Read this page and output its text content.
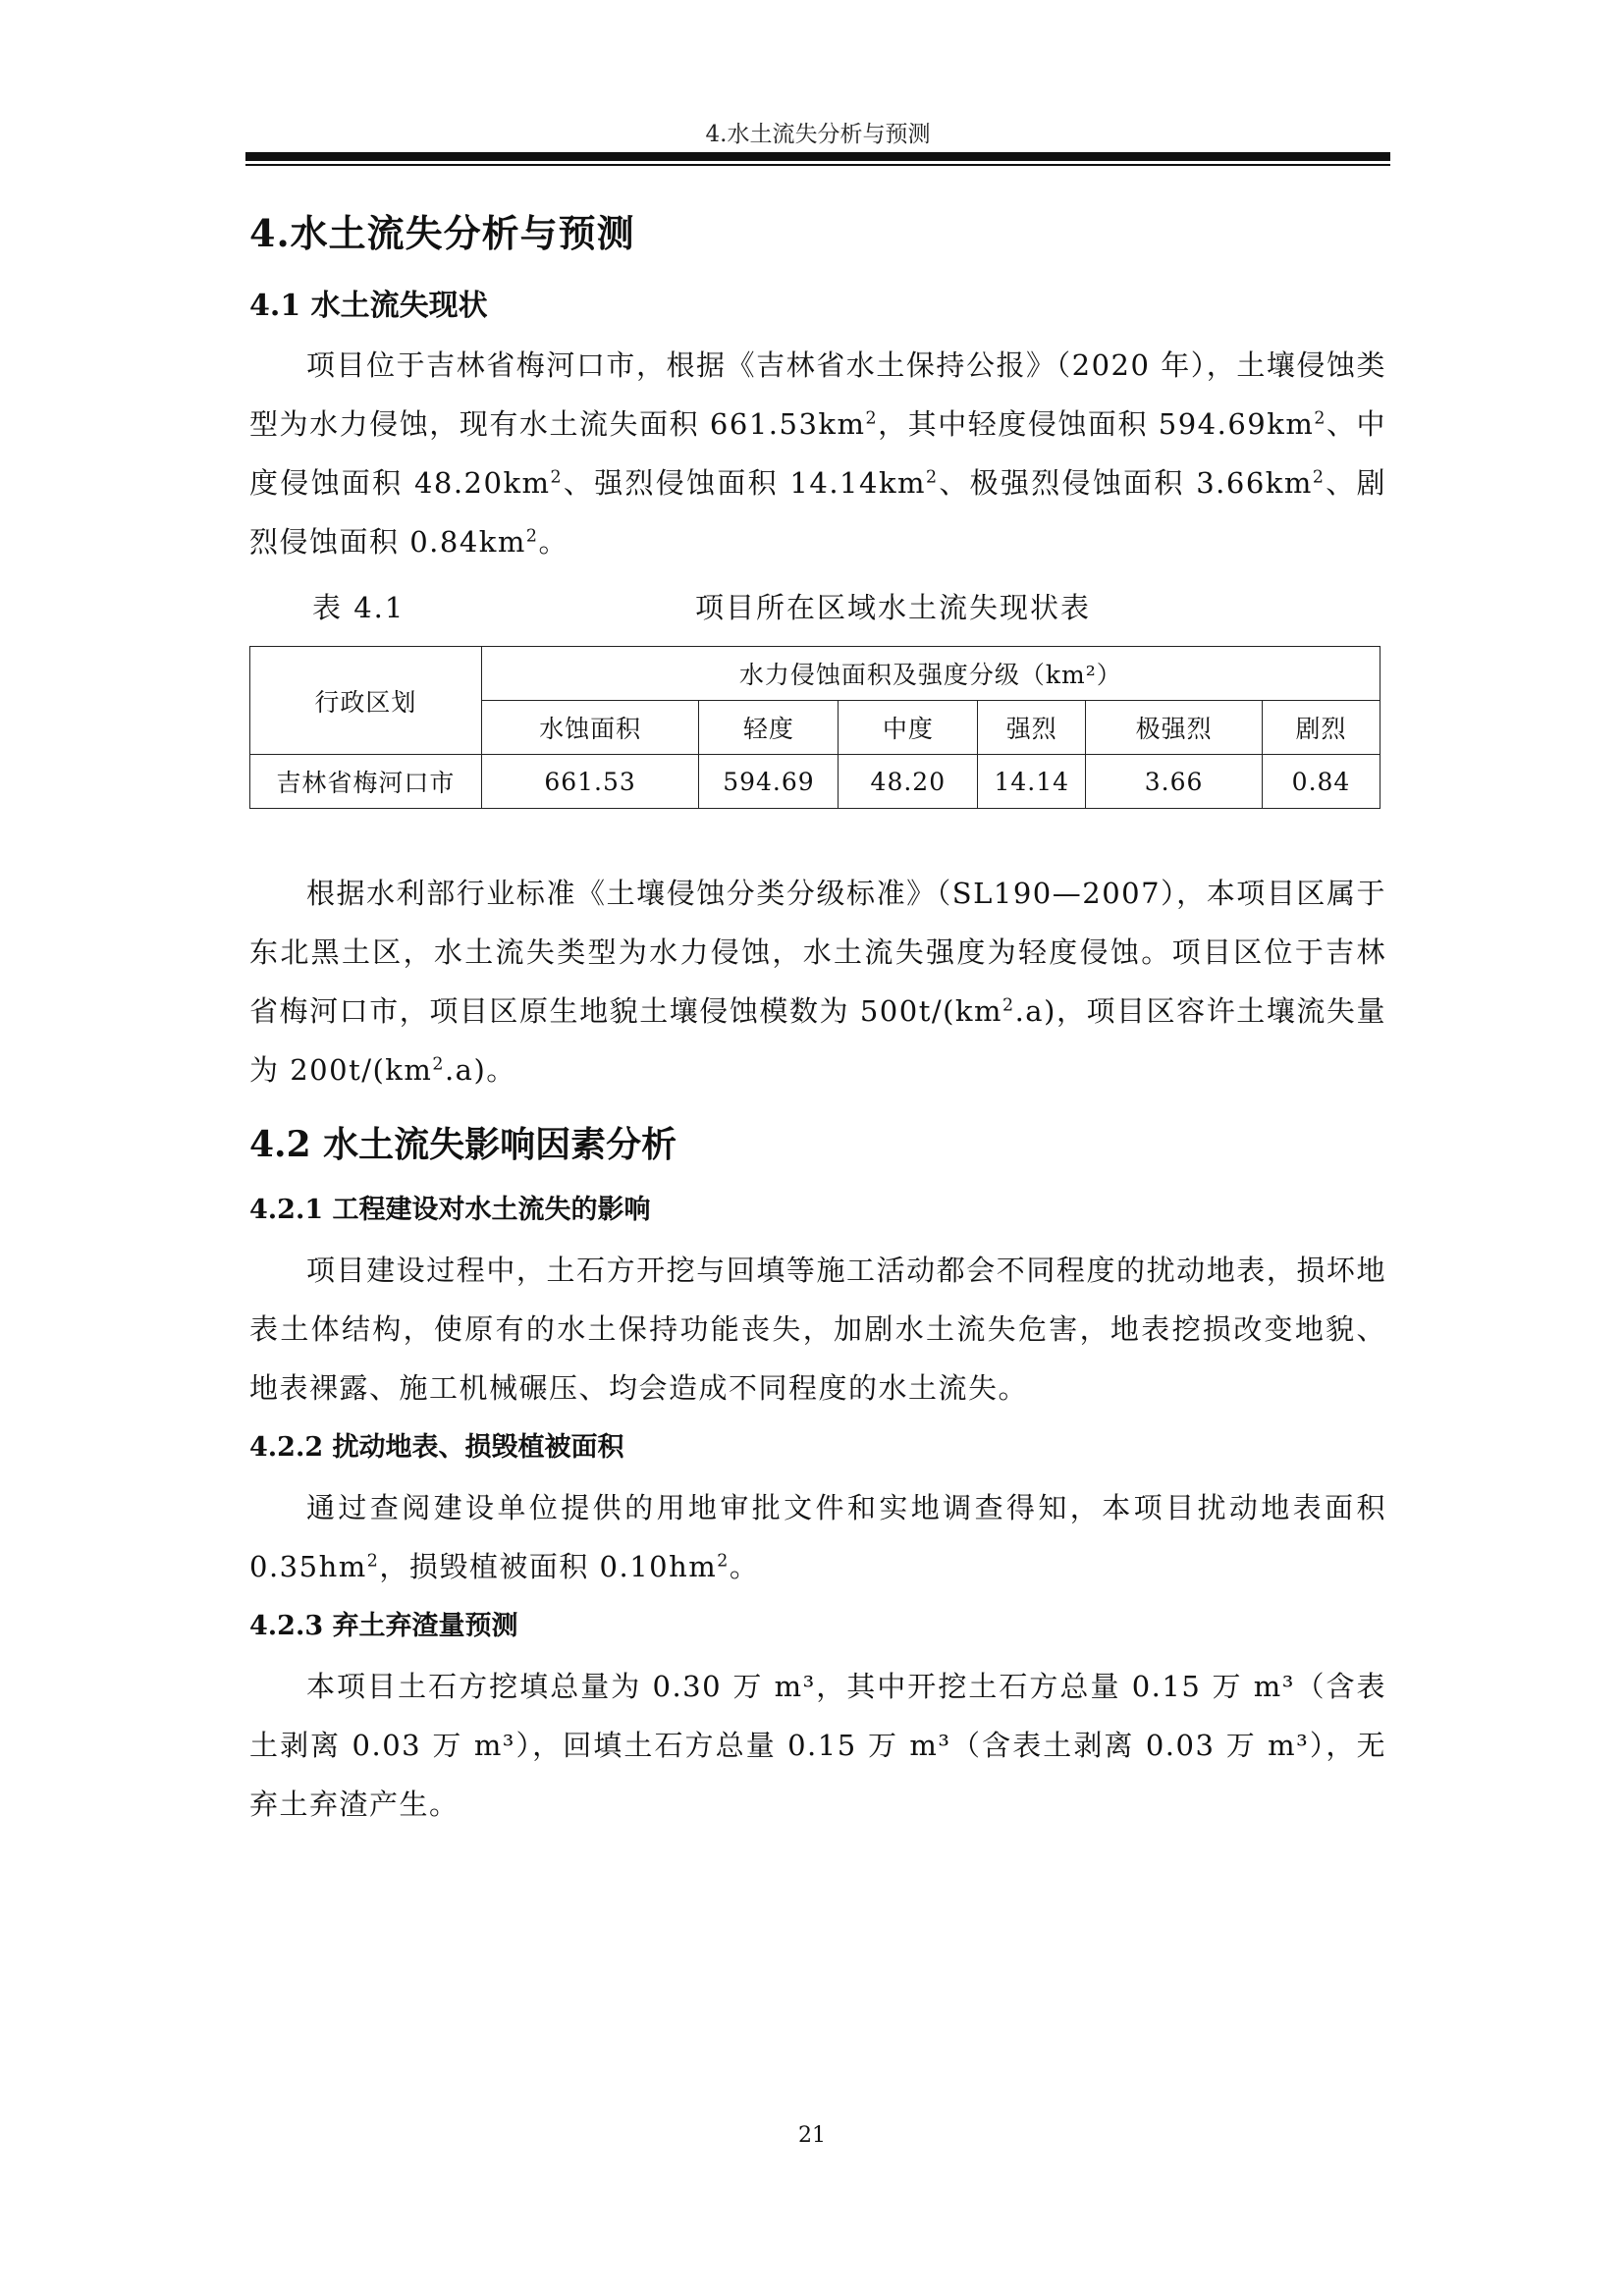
4.水土流失分析与预测
4.水土流失分析与预测
4.1 水土流失现状

项目位于吉林省梅河口市，根据《吉林省水土保持公报》（2020 年），土壤侵蚀类型为水力侵蚀，现有水土流失面积 $661.53km^2$，其中轻度侵蚀面积 $594.69km^2$、中度侵蚀面积 $48.20km^2$、强烈侵蚀面积 $14.14km^2$、极强烈侵蚀面积 $3.66km^2$、剧烈侵蚀面积 $0.84km^2$。

表 4.1	项目所在区域水土流失现状表
行政区划	水力侵蚀面积及强度分级（km²）					
	水蚀面积	轻度	中度	强烈	极强烈	剧烈
吉林省梅河口市	661.53	594.69	48.20	14.14	3.66	0.84

根据水利部行业标准《土壤侵蚀分类分级标准》（SL190—2007），本项目区属于东北黑土区，水土流失类型为水力侵蚀，水土流失强度为轻度侵蚀。项目区位于吉林省梅河口市，项目区原生地貌土壤侵蚀模数为 $500t/(km^2.a)$，项目区容许土壤流失量为 $200t/(km^2.a)$。

4.2 水土流失影响因素分析
4.2.1 工程建设对水土流失的影响

项目建设过程中，土石方开挖与回填等施工活动都会不同程度的扰动地表，损坏地表土体结构，使原有的水土保持功能丧失，加剧水土流失危害，地表挖损改变地貌、地表裸露、施工机械碾压、均会造成不同程度的水土流失。

4.2.2 扰动地表、损毁植被面积

通过查阅建设单位提供的用地审批文件和实地调查得知，本项目扰动地表面积 $0.35hm^2$，损毁植被面积 $0.10hm^2$。

4.2.3 弃土弃渣量预测

本项目土石方挖填总量为 0.30 万 m³，其中开挖土石方总量 0.15 万 m³（含表土剥离 0.03 万 m³），回填土石方总量 0.15 万 m³（含表土剥离 0.03 万 m³），无弃土弃渣产生。

21
